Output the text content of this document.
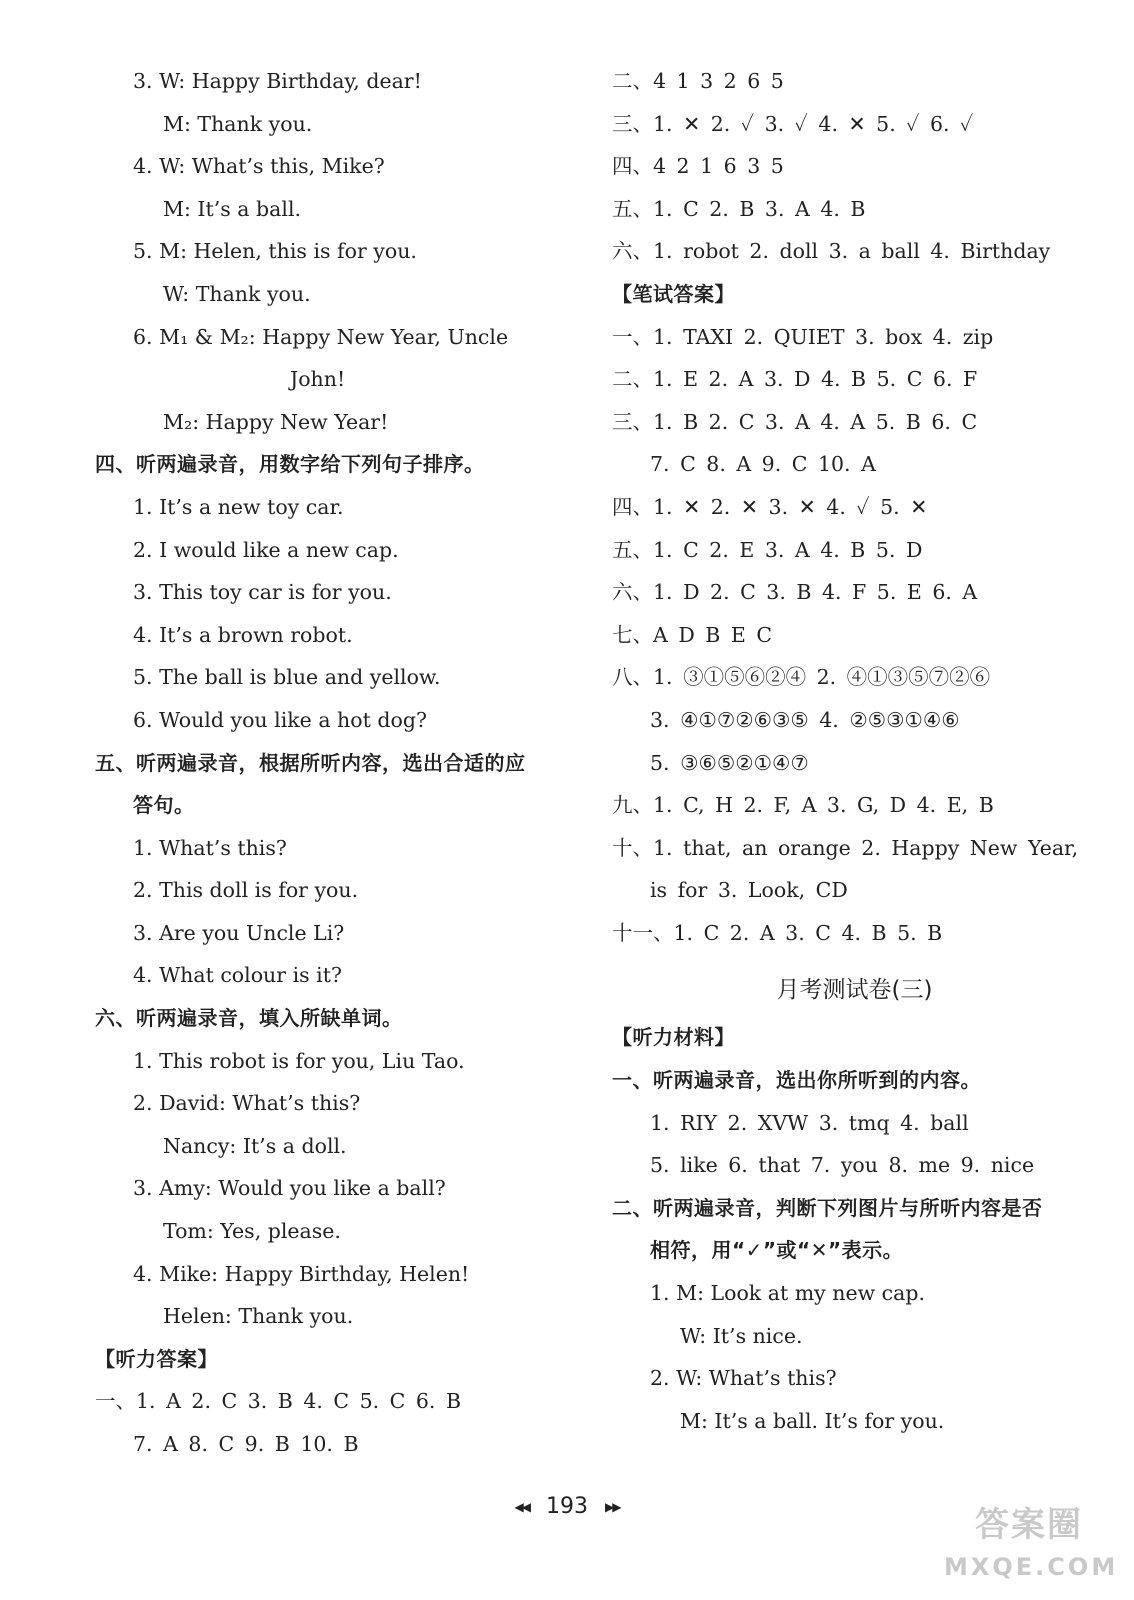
3. W: Happy Birthday, dear!
M: Thank you.
4. W: What’s this, Mike?
M: It’s a ball.
5. M: Helen, this is for you.
W: Thank you.
6. M₁ & M₂: Happy New Year, Uncle
John!
M₂: Happy New Year!
四、听两遍录音，用数字给下列句子排序。
1. It’s a new toy car.
2. I would like a new cap.
3. This toy car is for you.
4. It’s a brown robot.
5. The ball is blue and yellow.
6. Would you like a hot dog?
五、听两遍录音，根据所听内容，选出合适的应
答句。
1. What’s this?
2. This doll is for you.
3. Are you Uncle Li?
4. What colour is it?
六、听两遍录音，填入所缺单词。
1. This robot is for you, Liu Tao.
2. David: What’s this?
Nancy: It’s a doll.
3. Amy: Would you like a ball?
Tom: Yes, please.
4. Mike: Happy Birthday, Helen!
Helen: Thank you.
【听力答案】
一、1. A 2. C 3. B 4. C 5. C 6. B
7. A 8. C 9. B 10. B
二、4 1 3 2 6 5
三、1. ✕ 2. ✓ 3. ✓ 4. ✕ 5. ✓ 6. ✓
四、4 2 1 6 3 5
五、1. C 2. B 3. A 4. B
六、1. robot 2. doll 3. a ball 4. Birthday
【笔试答案】
一、1. TAXI 2. QUIET 3. box 4. zip
二、1. E 2. A 3. D 4. B 5. C 6. F
三、1. B 2. C 3. A 4. A 5. B 6. C
7. C 8. A 9. C 10. A
四、1. ✕ 2. ✕ 3. ✕ 4. ✓ 5. ✕
五、1. C 2. E 3. A 4. B 5. D
六、1. D 2. C 3. B 4. F 5. E 6. A
七、A D B E C
八、1. ③①⑤⑥②④ 2. ④①③⑤⑦②⑥
3. ④①⑦②⑥③⑤ 4. ②⑤③①④⑥
5. ③⑥⑤②①④⑦
九、1. C, H 2. F, A 3. G, D 4. E, B
十、1. that, an orange 2. Happy New Year,
is for 3. Look, CD
十一、1. C 2. A 3. C 4. B 5. B
月考测试卷(三)
【听力材料】
一、听两遍录音，选出你所听到的内容。
1. RIY 2. XVW 3. tmq 4. ball
5. like 6. that 7. you 8. me 9. nice
二、听两遍录音，判断下列图片与所听内容是否
相符，用“✓”或“✕”表示。
1. M: Look at my new cap.
W: It’s nice.
2. W: What’s this?
M: It’s a ball. It’s for you.
◀◀ 193 ▶▶	答案圈
MXQE.COM
